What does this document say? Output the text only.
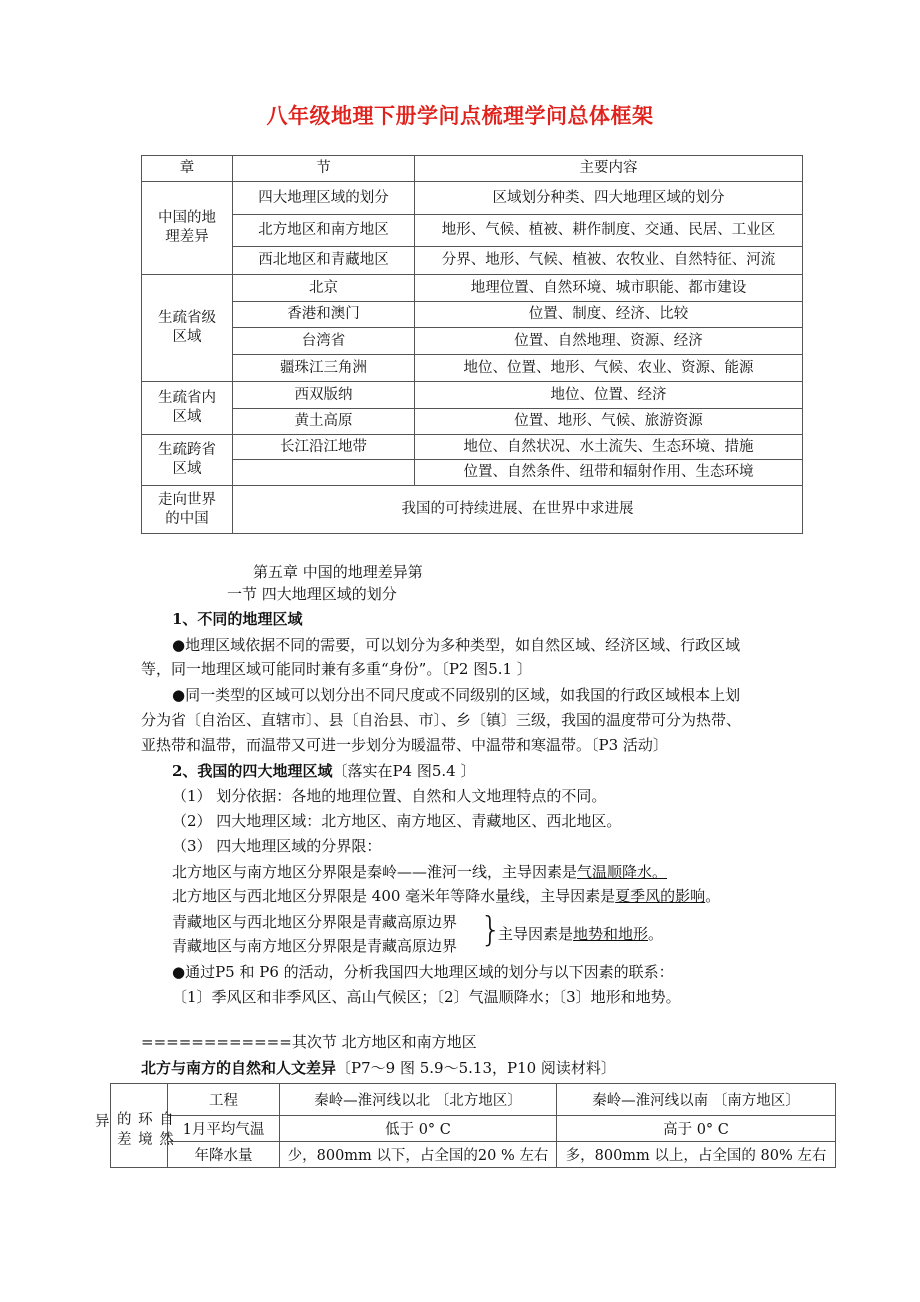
八年级地理下册学问点梳理学问总体框架
章	节	主要内容
中国的地理差异	四大地理区域的划分	区域划分种类、四大地理区域的划分
	北方地区和南方地区	地形、气候、植被、耕作制度、交通、民居、工业区
	西北地区和青藏地区	分界、地形、气候、植被、农牧业、自然特征、河流
生疏省级区域	北京	地理位置、自然环境、城市职能、都市建设
	香港和澳门	位置、制度、经济、比较
	台湾省	位置、自然地理、资源、经济
	疆珠江三角洲	地位、位置、地形、气候、农业、资源、能源
生疏省内区域	西双版纳	地位、位置、经济
	黄土高原	位置、地形、气候、旅游资源
生疏跨省区域	长江沿江地带	地位、自然状况、水土流失、生态环境、措施
		位置、自然条件、纽带和辐射作用、生态环境
走向世界的中国	我国的可持续进展、在世界中求进展	
第五章 中国的地理差异第
一节 四大地理区域的划分
1、不同的地理区域
●地理区域依据不同的需要，可以划分为多种类型，如自然区域、经济区域、行政区域
等，同一地理区域可能同时兼有多重“身份”。〔P2 图5.1 〕
●同一类型的区域可以划分出不同尺度或不同级别的区域，如我国的行政区域根本上划
分为省〔自治区、直辖市〕、县〔自治县、市〕、乡〔镇〕三级，我国的温度带可分为热带、
亚热带和温带，而温带又可进一步划分为暖温带、中温带和寒温带。〔P3 活动〕
2、我国的四大地理区域〔落实在P4 图5.4 〕
（1） 划分依据：各地的地理位置、自然和人文地理特点的不同。
（2） 四大地理区域：北方地区、南方地区、青藏地区、西北地区。
（3） 四大地理区域的分界限：
北方地区与南方地区分界限是秦岭——淮河一线，主导因素是气温顺降水。
北方地区与西北地区分界限是 400 毫米年等降水量线，主导因素是夏季风的影响。
青藏地区与西北地区分界限是青藏高原边界
青藏地区与南方地区分界限是青藏高原边界 }
主导因素是地势和地形。
●通过P5 和 P6 的活动，分析我国四大地理区域的划分与以下因素的联系：
〔1〕季风区和非季风区、高山气候区；〔2〕气温顺降水；〔3〕地形和地势。
============其次节 北方地区和南方地区
北方与南方的自然和人文差异〔P7～9 图 5.9～5.13，P10 阅读材料〕
	工程	秦岭—淮河线以北 〔北方地区〕	秦岭—淮河线以南 〔南方地区〕

异 的 环 自
差 境 然	1月平均气温	低于 0° C	高于 0° C
	年降水量	少，800mm 以下，占全国的20 % 左右	多，800mm 以上，占全国的 80% 左右
